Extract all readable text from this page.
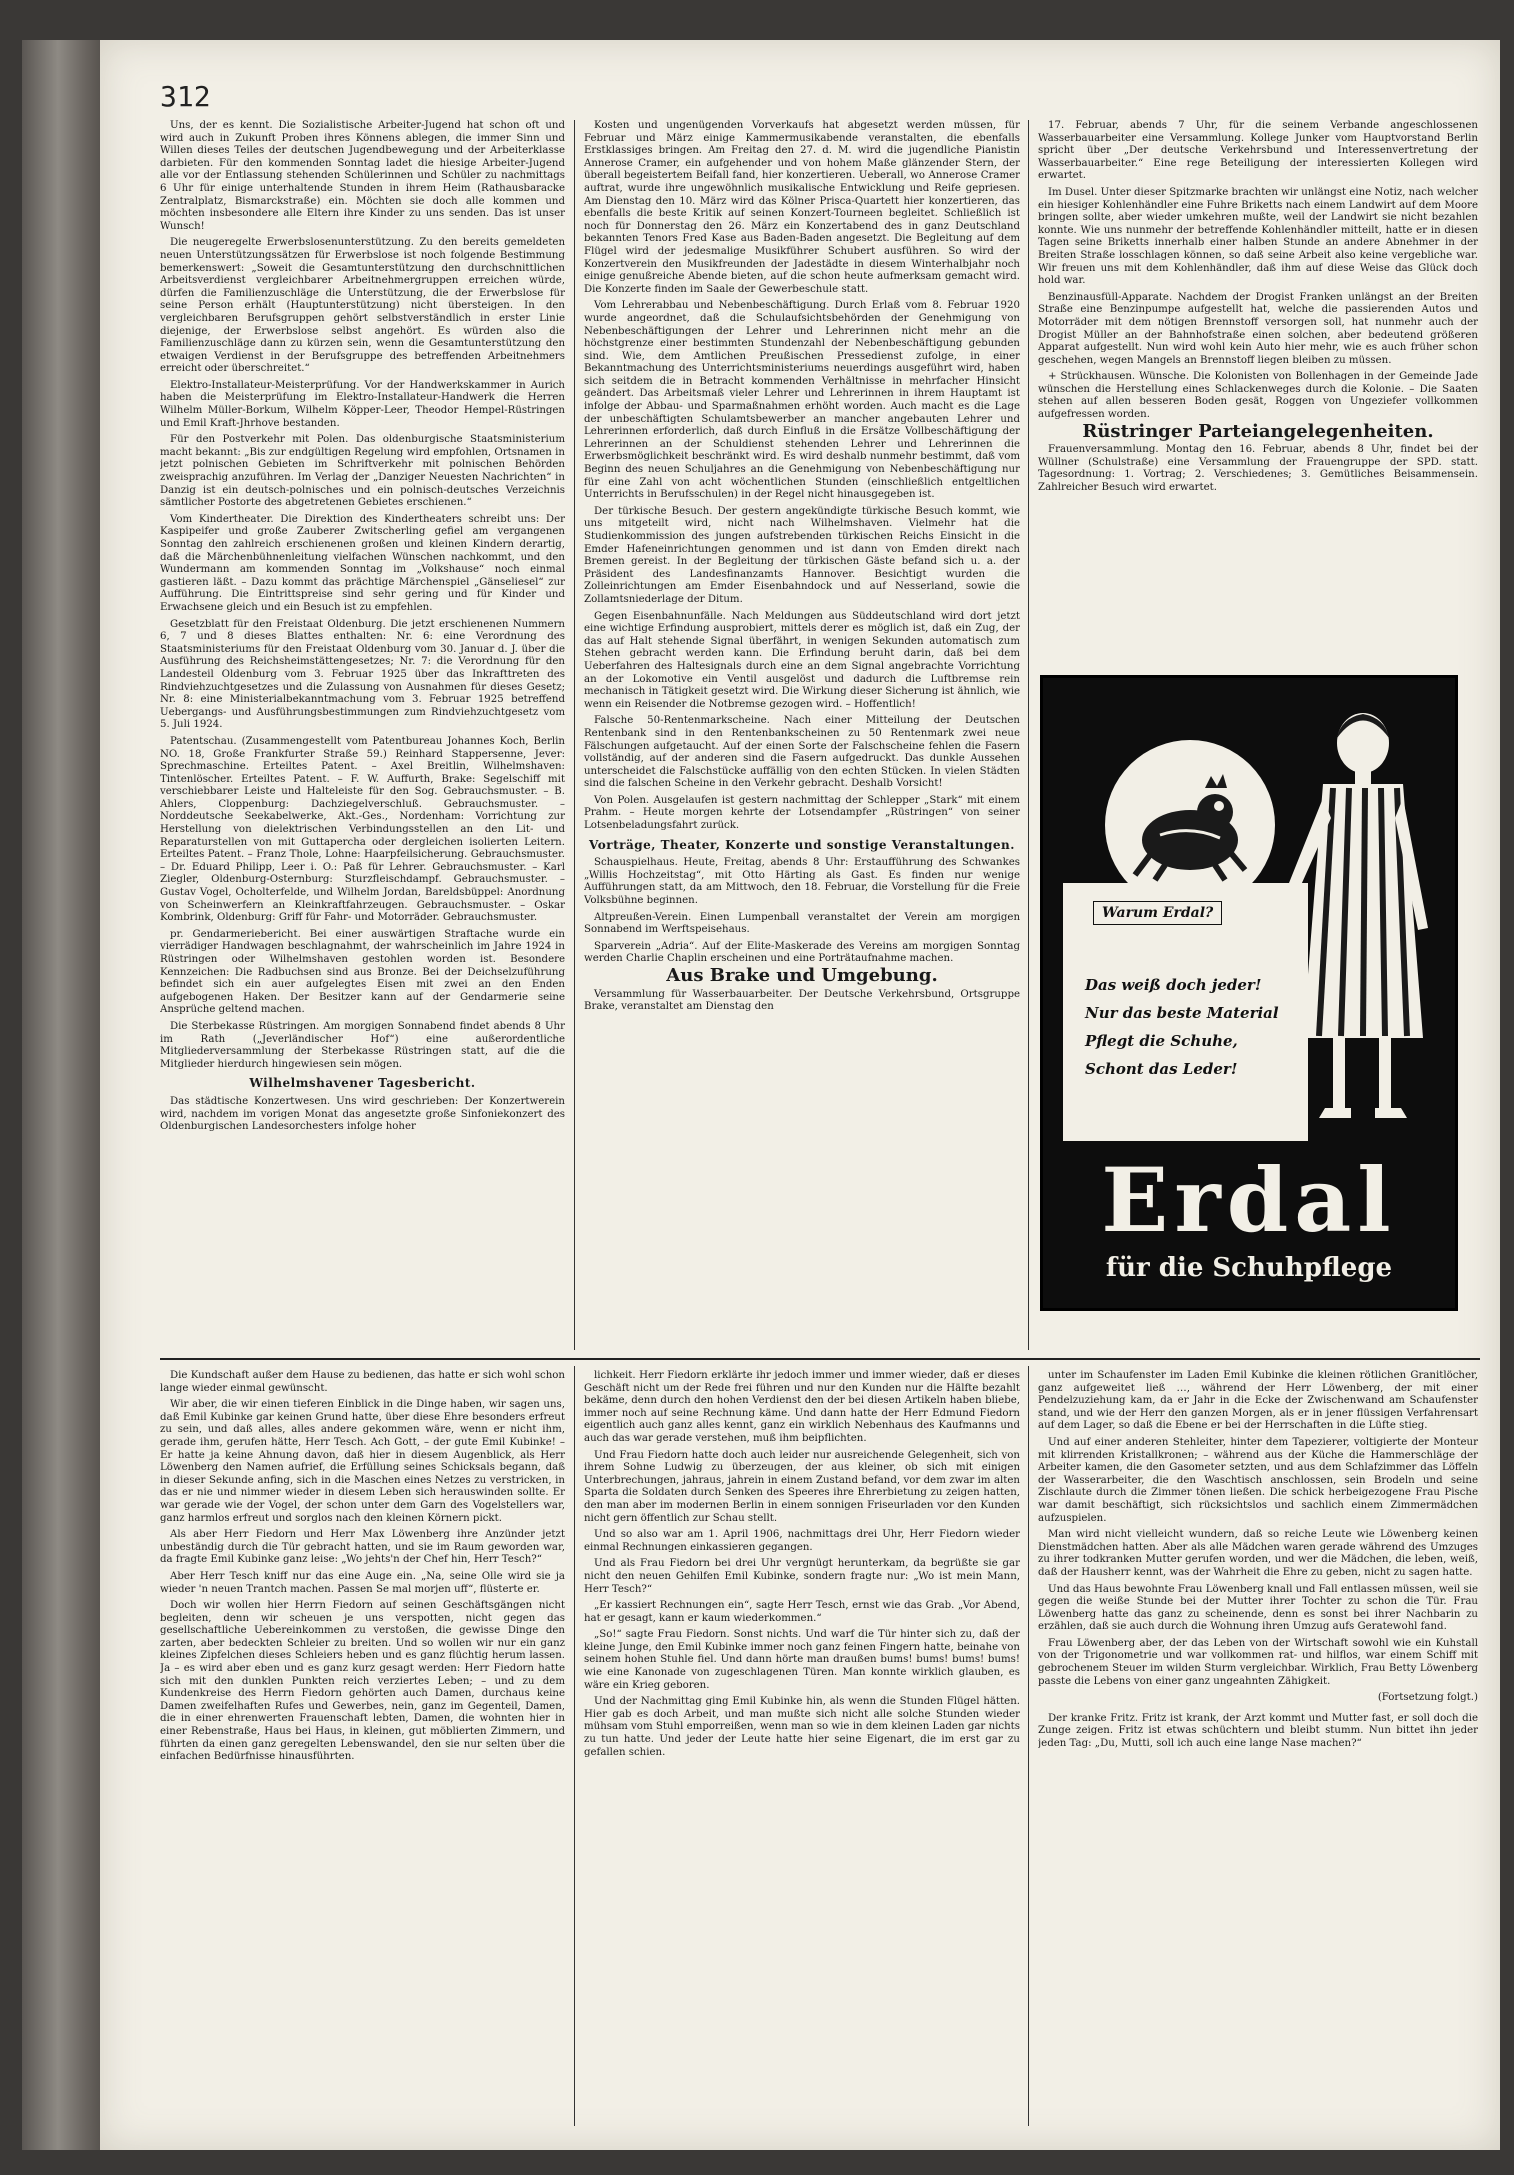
312

Uns, der es kennt. Die Sozialistische Arbeiter-Jugend hat schon oft und wird auch in Zukunft Proben ihres Könnens ablegen, die immer Sinn und Willen dieses Teiles der deutschen Jugendbewegung und der Arbeiterklasse darbieten. Für den kommenden Sonntag ladet die hiesige Arbeiter-Jugend alle vor der Entlassung stehenden Schülerinnen und Schüler zu nachmittags 6 Uhr für einige unterhaltende Stunden in ihrem Heim (Rathausbaracke Zentralplatz, Bismarckstraße) ein. Möchten sie doch alle kommen und möchten insbesondere alle Eltern ihre Kinder zu uns senden. Das ist unser Wunsch!

Die neugeregelte Erwerbslosenunterstützung. Zu den bereits gemeldeten neuen Unterstützungssätzen für Erwerbslose ist noch folgende Bestimmung bemerkenswert: „Soweit die Gesamtunterstützung den durchschnittlichen Arbeitsverdienst vergleichbarer Arbeitnehmergruppen erreichen würde, dürfen die Familienzuschläge die Unterstützung, die der Erwerbslose für seine Person erhält (Hauptunterstützung) nicht übersteigen. In den vergleichbaren Berufsgruppen gehört selbstverständlich in erster Linie diejenige, der Erwerbslose selbst angehört. Es würden also die Familienzuschläge dann zu kürzen sein, wenn die Gesamtunterstützung den etwaigen Verdienst in der Berufsgruppe des betreffenden Arbeitnehmers erreicht oder überschreitet.“

Elektro-Installateur-Meisterprüfung. Vor der Handwerkskammer in Aurich haben die Meisterprüfung im Elektro-Installateur-Handwerk die Herren Wilhelm Müller-Borkum, Wilhelm Köpper-Leer, Theodor Hempel-Rüstringen und Emil Kraft-Jhrhove bestanden.

Für den Postverkehr mit Polen. Das oldenburgische Staatsministerium macht bekannt: „Bis zur endgültigen Regelung wird empfohlen, Ortsnamen in jetzt polnischen Gebieten im Schriftverkehr mit polnischen Behörden zweisprachig anzuführen. Im Verlag der „Danziger Neuesten Nachrichten“ in Danzig ist ein deutsch-polnisches und ein polnisch-deutsches Verzeichnis sämtlicher Postorte des abgetretenen Gebietes erschienen.“

Vom Kindertheater. Die Direktion des Kindertheaters schreibt uns: Der Kaspipeifer und große Zauberer Zwitscherling gefiel am vergangenen Sonntag den zahlreich erschienenen großen und kleinen Kindern derartig, daß die Märchenbühnenleitung vielfachen Wünschen nachkommt, und den Wundermann am kommenden Sonntag im „Volkshause“ noch einmal gastieren läßt. – Dazu kommt das prächtige Märchenspiel „Gänseliesel“ zur Aufführung. Die Eintrittspreise sind sehr gering und für Kinder und Erwachsene gleich und ein Besuch ist zu empfehlen.

Gesetzblatt für den Freistaat Oldenburg. Die jetzt erschienenen Nummern 6, 7 und 8 dieses Blattes enthalten: Nr. 6: eine Verordnung des Staatsministeriums für den Freistaat Oldenburg vom 30. Januar d. J. über die Ausführung des Reichsheimstättengesetzes; Nr. 7: die Verordnung für den Landesteil Oldenburg vom 3. Februar 1925 über das Inkrafttreten des Rindviehzuchtgesetzes und die Zulassung von Ausnahmen für dieses Gesetz; Nr. 8: eine Ministerialbekanntmachung vom 3. Februar 1925 betreffend Uebergangs- und Ausführungsbestimmungen zum Rindviehzuchtgesetz vom 5. Juli 1924.

Patentschau. (Zusammengestellt vom Patentbureau Johannes Koch, Berlin NO. 18, Große Frankfurter Straße 59.) Reinhard Stappersenne, Jever: Sprechmaschine. Erteiltes Patent. – Axel Breitlin, Wilhelmshaven: Tintenlöscher. Erteiltes Patent. – F. W. Auffurth, Brake: Segelschiff mit verschiebbarer Leiste und Halteleiste für den Sog. Gebrauchsmuster. – B. Ahlers, Cloppenburg: Dachziegelverschluß. Gebrauchsmuster. – Norddeutsche Seekabelwerke, Akt.-Ges., Nordenham: Vorrichtung zur Herstellung von dielektrischen Verbindungsstellen an den Lit- und Reparaturstellen von mit Guttapercha oder dergleichen isolierten Leitern. Erteiltes Patent. – Franz Thole, Lohne: Haarpfeilsicherung. Gebrauchsmuster. – Dr. Eduard Philipp, Leer i. O.: Paß für Lehrer. Gebrauchsmuster. – Karl Ziegler, Oldenburg-Osternburg: Sturzfleischdampf. Gebrauchsmuster. – Gustav Vogel, Ocholterfelde, und Wilhelm Jordan, Bareldsbüppel: Anordnung von Scheinwerfern an Kleinkraftfahrzeugen. Gebrauchsmuster. – Oskar Kombrink, Oldenburg: Griff für Fahr- und Motorräder. Gebrauchsmuster.

pr. Gendarmeriebericht. Bei einer auswärtigen Straftache wurde ein vierrädiger Handwagen beschlagnahmt, der wahrscheinlich im Jahre 1924 in Rüstringen oder Wilhelmshaven gestohlen worden ist. Besondere Kennzeichen: Die Radbuchsen sind aus Bronze. Bei der Deichselzuführung befindet sich ein auer aufgelegtes Eisen mit zwei an den Enden aufgebogenen Haken. Der Besitzer kann auf der Gendarmerie seine Ansprüche geltend machen.

Die Sterbekasse Rüstringen. Am morgigen Sonnabend findet abends 8 Uhr im Rath („Jeverländischer Hof“) eine außerordentliche Mitgliederversammlung der Sterbekasse Rüstringen statt, auf die die Mitglieder hierdurch hingewiesen sein mögen.

Wilhelmshavener Tagesbericht.

Das städtische Konzertwesen. Uns wird geschrieben: Der Konzertwerein wird, nachdem im vorigen Monat das angesetzte große Sinfoniekonzert des Oldenburgischen Landesorchesters infolge hoher

Kosten und ungenügenden Vorverkaufs hat abgesetzt werden müssen, für Februar und März einige Kammermusikabende veranstalten, die ebenfalls Erstklassiges bringen. Am Freitag den 27. d. M. wird die jugendliche Pianistin Annerose Cramer, ein aufgehender und von hohem Maße glänzender Stern, der überall begeistertem Beifall fand, hier konzertieren. Ueberall, wo Annerose Cramer auftrat, wurde ihre ungewöhnlich musikalische Entwicklung und Reife gepriesen. Am Dienstag den 10. März wird das Kölner Prisca-Quartett hier konzertieren, das ebenfalls die beste Kritik auf seinen Konzert-Tourneen begleitet. Schließlich ist noch für Donnerstag den 26. März ein Konzertabend des in ganz Deutschland bekannten Tenors Fred Kase aus Baden-Baden angesetzt. Die Begleitung auf dem Flügel wird der jedesmalige Musikführer Schubert ausführen. So wird der Konzertverein den Musikfreunden der Jadestädte in diesem Winterhalbjahr noch einige genußreiche Abende bieten, auf die schon heute aufmerksam gemacht wird. Die Konzerte finden im Saale der Gewerbeschule statt.

Vom Lehrerabbau und Nebenbeschäftigung. Durch Erlaß vom 8. Februar 1920 wurde angeordnet, daß die Schulaufsichtsbehörden der Genehmigung von Nebenbeschäftigungen der Lehrer und Lehrerinnen nicht mehr an die höchstgrenze einer bestimmten Stundenzahl der Nebenbeschäftigung gebunden sind. Wie, dem Amtlichen Preußischen Pressedienst zufolge, in einer Bekanntmachung des Unterrichtsministeriums neuerdings ausgeführt wird, haben sich seitdem die in Betracht kommenden Verhältnisse in mehrfacher Hinsicht geändert. Das Arbeitsmaß vieler Lehrer und Lehrerinnen in ihrem Hauptamt ist infolge der Abbau- und Sparmaßnahmen erhöht worden. Auch macht es die Lage der unbeschäftigten Schulamtsbewerber an mancher angebauten Lehrer und Lehrerinnen erforderlich, daß durch Einfluß in die Ersätze Vollbeschäftigung der Lehrerinnen an der Schuldienst stehenden Lehrer und Lehrerinnen die Erwerbsmöglichkeit beschränkt wird. Es wird deshalb nunmehr bestimmt, daß vom Beginn des neuen Schuljahres an die Genehmigung von Nebenbeschäftigung nur für eine Zahl von acht wöchentlichen Stunden (einschließlich entgeltlichen Unterrichts in Berufsschulen) in der Regel nicht hinausgegeben ist.

Der türkische Besuch. Der gestern angekündigte türkische Besuch kommt, wie uns mitgeteilt wird, nicht nach Wilhelmshaven. Vielmehr hat die Studienkommission des jungen aufstrebenden türkischen Reichs Einsicht in die Emder Hafeneinrichtungen genommen und ist dann von Emden direkt nach Bremen gereist. In der Begleitung der türkischen Gäste befand sich u. a. der Präsident des Landesfinanzamts Hannover. Besichtigt wurden die Zolleinrichtungen am Emder Eisenbahndock und auf Nesserland, sowie die Zollamtsniederlage der Ditum.

Gegen Eisenbahnunfälle. Nach Meldungen aus Süddeutschland wird dort jetzt eine wichtige Erfindung ausprobiert, mittels derer es möglich ist, daß ein Zug, der das auf Halt stehende Signal überfährt, in wenigen Sekunden automatisch zum Stehen gebracht werden kann. Die Erfindung beruht darin, daß bei dem Ueberfahren des Haltesignals durch eine an dem Signal angebrachte Vorrichtung an der Lokomotive ein Ventil ausgelöst und dadurch die Luftbremse rein mechanisch in Tätigkeit gesetzt wird. Die Wirkung dieser Sicherung ist ähnlich, wie wenn ein Reisender die Notbremse gezogen wird. – Hoffentlich!

Falsche 50-Rentenmarkscheine. Nach einer Mitteilung der Deutschen Rentenbank sind in den Rentenbankscheinen zu 50 Rentenmark zwei neue Fälschungen aufgetaucht. Auf der einen Sorte der Falschscheine fehlen die Fasern vollständig, auf der anderen sind die Fasern aufgedruckt. Das dunkle Aussehen unterscheidet die Falschstücke auffällig von den echten Stücken. In vielen Städten sind die falschen Scheine in den Verkehr gebracht. Deshalb Vorsicht!

Von Polen. Ausgelaufen ist gestern nachmittag der Schlepper „Stark“ mit einem Prahm. – Heute morgen kehrte der Lotsendampfer „Rüstringen“ von seiner Lotsenbeladungsfahrt zurück.

Vorträge, Theater, Konzerte und sonstige Veranstaltungen.

Schauspielhaus. Heute, Freitag, abends 8 Uhr: Erstaufführung des Schwankes „Willis Hochzeitstag“, mit Otto Härting als Gast. Es finden nur wenige Aufführungen statt, da am Mittwoch, den 18. Februar, die Vorstellung für die Freie Volksbühne beginnen.

Altpreußen-Verein. Einen Lumpenball veranstaltet der Verein am morgigen Sonnabend im Werftspeisehaus.

Sparverein „Adria“. Auf der Elite-Maskerade des Vereins am morgigen Sonntag werden Charlie Chaplin erscheinen und eine Porträtaufnahme machen.

Aus Brake und Umgebung.

Versammlung für Wasserbauarbeiter. Der Deutsche Verkehrsbund, Ortsgruppe Brake, veranstaltet am Dienstag den

17. Februar, abends 7 Uhr, für die seinem Verbande angeschlossenen Wasserbauarbeiter eine Versammlung. Kollege Junker vom Hauptvorstand Berlin spricht über „Der deutsche Verkehrsbund und Interessenvertretung der Wasserbauarbeiter.“ Eine rege Beteiligung der interessierten Kollegen wird erwartet.

Im Dusel. Unter dieser Spitzmarke brachten wir unlängst eine Notiz, nach welcher ein hiesiger Kohlenhändler eine Fuhre Briketts nach einem Landwirt auf dem Moore bringen sollte, aber wieder umkehren mußte, weil der Landwirt sie nicht bezahlen konnte. Wie uns nunmehr der betreffende Kohlenhändler mitteilt, hatte er in diesen Tagen seine Briketts innerhalb einer halben Stunde an andere Abnehmer in der Breiten Straße losschlagen können, so daß seine Arbeit also keine vergebliche war. Wir freuen uns mit dem Kohlenhändler, daß ihm auf diese Weise das Glück doch hold war.

Benzinausfüll-Apparate. Nachdem der Drogist Franken unlängst an der Breiten Straße eine Benzinpumpe aufgestellt hat, welche die passierenden Autos und Motorräder mit dem nötigen Brennstoff versorgen soll, hat nunmehr auch der Drogist Müller an der Bahnhofstraße einen solchen, aber bedeutend größeren Apparat aufgestellt. Nun wird wohl kein Auto hier mehr, wie es auch früher schon geschehen, wegen Mangels an Brennstoff liegen bleiben zu müssen.

+ Strückhausen. Wünsche. Die Kolonisten von Bollenhagen in der Gemeinde Jade wünschen die Herstellung eines Schlackenweges durch die Kolonie. – Die Saaten stehen auf allen besseren Boden gesät, Roggen von Ungeziefer vollkommen aufgefressen worden.

Rüstringer Parteiangelegenheiten.

Frauenversammlung. Montag den 16. Februar, abends 8 Uhr, findet bei der Wüllner (Schulstraße) eine Versammlung der Frauengruppe der SPD. statt. Tagesordnung: 1. Vortrag; 2. Verschiedenes; 3. Gemütliches Beisammensein. Zahlreicher Besuch wird erwartet.

Warum Erdal?
Das weiß doch jeder!
Nur das beste Material
Pflegt die Schuhe,
Schont das Leder!
Erdal
für die Schuhpflege

Die Kundschaft außer dem Hause zu bedienen, das hatte er sich wohl schon lange wieder einmal gewünscht.

Wir aber, die wir einen tieferen Einblick in die Dinge haben, wir sagen uns, daß Emil Kubinke gar keinen Grund hatte, über diese Ehre besonders erfreut zu sein, und daß alles, alles andere gekommen wäre, wenn er nicht ihm, gerade ihm, gerufen hätte, Herr Tesch. Ach Gott, – der gute Emil Kubinke! – Er hatte ja keine Ahnung davon, daß hier in diesem Augenblick, als Herr Löwenberg den Namen aufrief, die Erfüllung seines Schicksals begann, daß in dieser Sekunde anfing, sich in die Maschen eines Netzes zu verstricken, in das er nie und nimmer wieder in diesem Leben sich herauswinden sollte. Er war gerade wie der Vogel, der schon unter dem Garn des Vogelstellers war, ganz harmlos erfreut und sorglos nach den kleinen Körnern pickt.

Als aber Herr Fiedorn und Herr Max Löwenberg ihre Anzünder jetzt unbeständig durch die Tür gebracht hatten, und sie im Raum geworden war, da fragte Emil Kubinke ganz leise: „Wo jehts'n der Chef hin, Herr Tesch?“

Aber Herr Tesch kniff nur das eine Auge ein. „Na, seine Olle wird sie ja wieder 'n neuen Trantch machen. Passen Se mal morjen uff“, flüsterte er.

Doch wir wollen hier Herrn Fiedorn auf seinen Geschäftsgängen nicht begleiten, denn wir scheuen je uns verspotten, nicht gegen das gesellschaftliche Uebereinkommen zu verstoßen, die gewisse Dinge den zarten, aber bedeckten Schleier zu breiten. Und so wollen wir nur ein ganz kleines Zipfelchen dieses Schleiers heben und es ganz flüchtig herum lassen. Ja – es wird aber eben und es ganz kurz gesagt werden: Herr Fiedorn hatte sich mit den dunklen Punkten reich verziertes Leben; – und zu dem Kundenkreise des Herrn Fiedorn gehörten auch Damen, durchaus keine Damen zweifelhaften Rufes und Gewerbes, nein, ganz im Gegenteil, Damen, die in einer ehrenwerten Frauenschaft lebten, Damen, die wohnten hier in einer Rebenstraße, Haus bei Haus, in kleinen, gut möblierten Zimmern, und führten da einen ganz geregelten Lebenswandel, den sie nur selten über die einfachen Bedürfnisse hinausführten.

lichkeit. Herr Fiedorn erklärte ihr jedoch immer und immer wieder, daß er dieses Geschäft nicht um der Rede frei führen und nur den Kunden nur die Hälfte bezahlt bekäme, denn durch den hohen Verdienst den der bei diesen Artikeln haben bliebe, immer noch auf seine Rechnung käme. Und dann hatte der Herr Edmund Fiedorn eigentlich auch ganz alles kennt, ganz ein wirklich Nebenhaus des Kaufmanns und auch das war gerade verstehen, muß ihm beipflichten.

Und Frau Fiedorn hatte doch auch leider nur ausreichende Gelegenheit, sich von ihrem Sohne Ludwig zu überzeugen, der aus kleiner, ob sich mit einigen Unterbrechungen, jahraus, jahrein in einem Zustand befand, vor dem zwar im alten Sparta die Soldaten durch Senken des Speeres ihre Ehrerbietung zu zeigen hatten, den man aber im modernen Berlin in einem sonnigen Friseurladen vor den Kunden nicht gern öffentlich zur Schau stellt.

Und so also war am 1. April 1906, nachmittags drei Uhr, Herr Fiedorn wieder einmal Rechnungen einkassieren gegangen.

Und als Frau Fiedorn bei drei Uhr vergnügt herunterkam, da begrüßte sie gar nicht den neuen Gehilfen Emil Kubinke, sondern fragte nur: „Wo ist mein Mann, Herr Tesch?“

„Er kassiert Rechnungen ein“, sagte Herr Tesch, ernst wie das Grab. „Vor Abend, hat er gesagt, kann er kaum wiederkommen.“

„So!“ sagte Frau Fiedorn. Sonst nichts. Und warf die Tür hinter sich zu, daß der kleine Junge, den Emil Kubinke immer noch ganz feinen Fingern hatte, beinahe von seinem hohen Stuhle fiel. Und dann hörte man draußen bums! bums! bums! bums! wie eine Kanonade von zugeschlagenen Türen. Man konnte wirklich glauben, es wäre ein Krieg geboren.

Und der Nachmittag ging Emil Kubinke hin, als wenn die Stunden Flügel hätten. Hier gab es doch Arbeit, und man mußte sich nicht alle solche Stunden wieder mühsam vom Stuhl emporreißen, wenn man so wie in dem kleinen Laden gar nichts zu tun hatte. Und jeder der Leute hatte hier seine Eigenart, die im erst gar zu gefallen schien.

unter im Schaufenster im Laden Emil Kubinke die kleinen rötlichen Granitlöcher, ganz aufgeweitet ließ …, während der Herr Löwenberg, der mit einer Pendelzuziehung kam, da er Jahr in die Ecke der Zwischenwand am Schaufenster stand, und wie der Herr den ganzen Morgen, als er in jener flüssigen Verfahrensart auf dem Lager, so daß die Ebene er bei der Herrschaften in die Lüfte stieg.

Und auf einer anderen Stehleiter, hinter dem Tapezierer, voltigierte der Monteur mit klirrenden Kristallkronen; – während aus der Küche die Hammerschläge der Arbeiter kamen, die den Gasometer setzten, und aus dem Schlafzimmer das Löffeln der Wasserarbeiter, die den Waschtisch anschlossen, sein Brodeln und seine Zischlaute durch die Zimmer tönen ließen. Die schick herbeigezogene Frau Pische war damit beschäftigt, sich rücksichtslos und sachlich einem Zimmermädchen aufzuspielen.

Man wird nicht vielleicht wundern, daß so reiche Leute wie Löwenberg keinen Dienstmädchen hatten. Aber als alle Mädchen waren gerade während des Umzuges zu ihrer todkranken Mutter gerufen worden, und wer die Mädchen, die leben, weiß, daß der Hausherr kennt, was der Wahrheit die Ehre zu geben, nicht zu sagen hatte.

Und das Haus bewohnte Frau Löwenberg knall und Fall entlassen müssen, weil sie gegen die weiße Stunde bei der Mutter ihrer Tochter zu schon die Tür. Frau Löwenberg hatte das ganz zu scheinende, denn es sonst bei ihrer Nachbarin zu erzählen, daß sie auch durch die Wohnung ihren Umzug aufs Geratewohl fand.

Frau Löwenberg aber, der das Leben von der Wirtschaft sowohl wie ein Kuhstall von der Trigonometrie und war vollkommen rat- und hilflos, war einem Schiff mit gebrochenem Steuer im wilden Sturm vergleichbar. Wirklich, Frau Betty Löwenberg passte die Lebens von einer ganz ungeahnten Zähigkeit.

(Fortsetzung folgt.)

Der kranke Fritz. Fritz ist krank, der Arzt kommt und Mutter fast, er soll doch die Zunge zeigen. Fritz ist etwas schüchtern und bleibt stumm. Nun bittet ihn jeder jeden Tag: „Du, Mutti, soll ich auch eine lange Nase machen?“
